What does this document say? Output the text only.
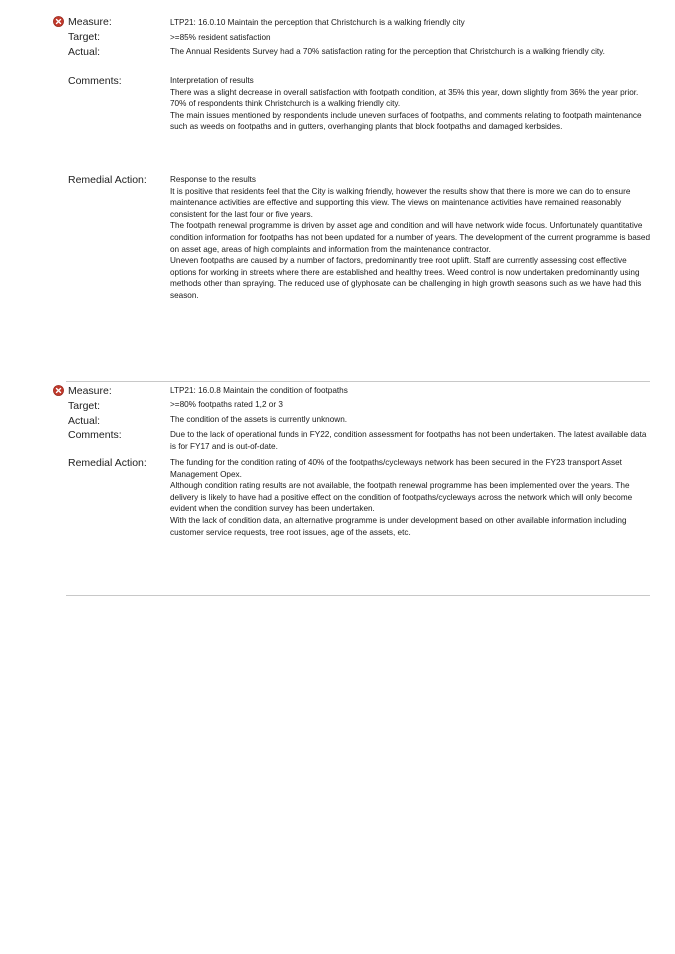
Measure:	LTP21: 16.0.10 Maintain the perception that Christchurch is a walking friendly city
Target:	>=85% resident satisfaction
Actual:	The Annual Residents Survey had a 70% satisfaction rating for the perception that Christchurch is a walking friendly city.
Comments:	Interpretation of results

There was a slight decrease in overall satisfaction with footpath condition, at 35% this year, down slightly from 36% the year prior.

70% of respondents think Christchurch is a walking friendly city.

The main issues mentioned by respondents include uneven surfaces of footpaths, and comments relating to footpath maintenance such as weeds on footpaths and in gutters, overhanging plants that block footpaths and damaged kerbsides.

Remedial Action:	Response to the results

It is positive that residents feel that the City is walking friendly, however the results show that there is more we can do to ensure maintenance activities are effective and supporting this view. The views on maintenance activities have remained reasonably consistent for the last four or five years.

The footpath renewal programme is driven by asset age and condition and will have network wide focus. Unfortunately quantitative condition information for footpaths has not been updated for a number of years. The development of the current programme is based on asset age, areas of high complaints and information from the maintenance contractor.

Uneven footpaths are caused by a number of factors, predominantly tree root uplift. Staff are currently assessing cost effective options for working in streets where there are established and healthy trees. Weed control is now undertaken predominantly using methods other than spraying. The reduced use of glyphosate can be challenging in high growth seasons such as we have had this season.

Measure:	LTP21: 16.0.8 Maintain the condition of footpaths
Target:	>=80% footpaths rated 1,2 or 3
Actual:	The condition of the assets is currently unknown.
Comments:	Due to the lack of operational funds in FY22, condition assessment for footpaths has not been undertaken. The latest available data is for FY17 and is out-of-date.

Remedial Action:	The funding for the condition rating of 40% of the footpaths/cycleways network has been secured in the FY23 transport Asset Management Opex.

Although condition rating results are not available, the footpath renewal programme has been implemented over the years. The delivery is likely to have had a positive effect on the condition of footpaths/cycleways across the network which will only become evident when the condition survey has been undertaken.

With the lack of condition data, an alternative programme is under development based on other available information including customer service requests, tree root issues, age of the assets, etc.
